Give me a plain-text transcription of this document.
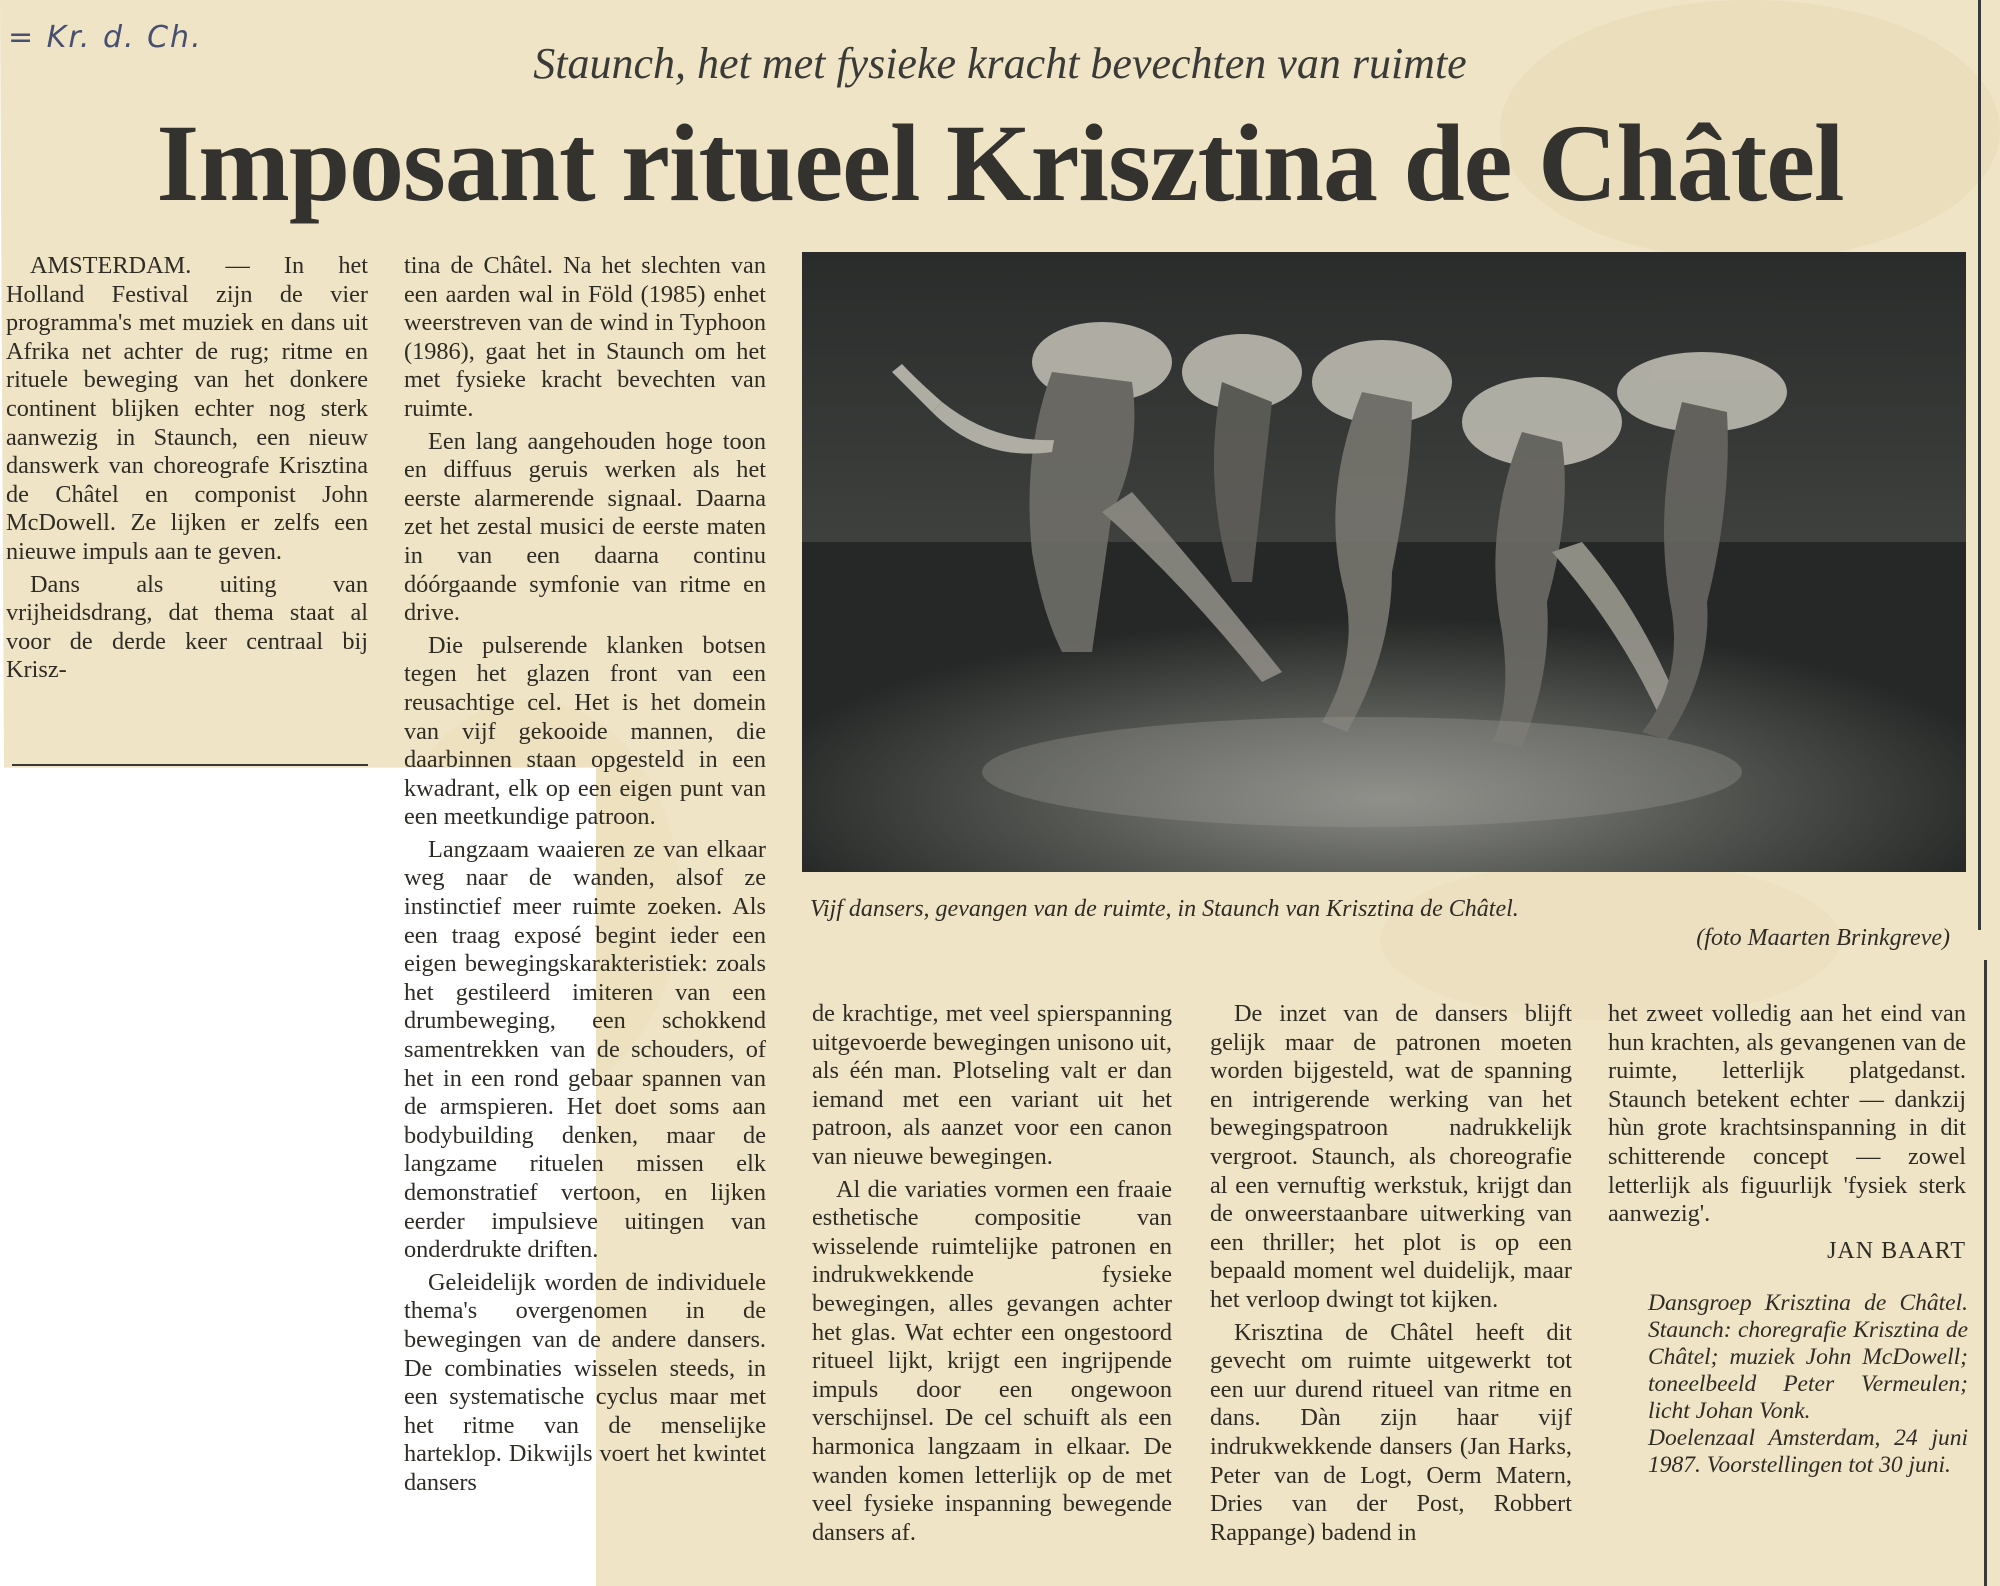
= Kr. d. Ch.
Staunch, het met fysieke kracht bevechten van ruimte
Imposant ritueel Krisztina de Châtel

AMSTERDAM. — In het Holland Festival zijn de vier programma's met muziek en dans uit Afrika net achter de rug; ritme en rituele beweging van het donkere continent blijken echter nog sterk aanwezig in Staunch, een nieuw danswerk van choreografe Krisztina de Châtel en componist John McDowell. Ze lijken er zelfs een nieuwe impuls aan te geven.

Dans als uiting van vrijheidsdrang, dat thema staat al voor de derde keer centraal bij Krisz-

tina de Châtel. Na het slechten van een aarden wal in Föld (1985) enhet weerstreven van de wind in Typhoon (1986), gaat het in Staunch om het met fysieke kracht bevechten van ruimte.

Een lang aangehouden hoge toon en diffuus geruis werken als het eerste alarmerende signaal. Daarna zet het zestal musici de eerste maten in van een daarna continu dóórgaande symfonie van ritme en drive.

Die pulserende klanken botsen tegen het glazen front van een reusachtige cel. Het is het domein van vijf gekooide mannen, die daarbinnen staan opgesteld in een kwadrant, elk op een eigen punt van een meetkundige patroon.

Langzaam waaieren ze van elkaar weg naar de wanden, alsof ze instinctief meer ruimte zoeken. Als een traag exposé begint ieder een eigen bewegingskarakteristiek: zoals het gestileerd imiteren van een drumbeweging, een schokkend samentrekken van de schouders, of het in een rond gebaar spannen van de armspieren. Het doet soms aan bodybuilding denken, maar de langzame rituelen missen elk demonstratief vertoon, en lijken eerder impulsieve uitingen van onderdrukte driften.

Geleidelijk worden de individuele thema's overgenomen in de bewegingen van de andere dansers. De combinaties wisselen steeds, in een systematische cyclus maar met het ritme van de menselijke harteklop. Dikwijls voert het kwintet dansers

Vijf dansers, gevangen van de ruimte, in Staunch van Krisztina de Châtel.
(foto Maarten Brinkgreve)

de krachtige, met veel spierspanning uitgevoerde bewegingen unisono uit, als één man. Plotseling valt er dan iemand met een variant uit het patroon, als aanzet voor een canon van nieuwe bewegingen.

Al die variaties vormen een fraaie esthetische compositie van wisselende ruimtelijke patronen en indrukwekkende fysieke bewegingen, alles gevangen achter het glas. Wat echter een ongestoord ritueel lijkt, krijgt een ingrijpende impuls door een ongewoon verschijnsel. De cel schuift als een harmonica langzaam in elkaar. De wanden komen letterlijk op de met veel fysieke inspanning bewegende dansers af.

De inzet van de dansers blijft gelijk maar de patronen moeten worden bijgesteld, wat de spanning en intrigerende werking van het bewegingspatroon nadrukkelijk vergroot. Staunch, als choreografie al een vernuftig werkstuk, krijgt dan de onweerstaanbare uitwerking van een thriller; het plot is op een bepaald moment wel duidelijk, maar het verloop dwingt tot kijken.

Krisztina de Châtel heeft dit gevecht om ruimte uitgewerkt tot een uur durend ritueel van ritme en dans. Dàn zijn haar vijf indrukwekkende dansers (Jan Harks, Peter van de Logt, Oerm Matern, Dries van der Post, Robbert Rappange) badend in

het zweet volledig aan het eind van hun krachten, als gevangenen van de ruimte, letterlijk platgedanst. Staunch betekent echter — dankzij hùn grote krachtsinspanning in dit schitterende concept — zowel letterlijk als figuurlijk 'fysiek sterk aanwezig'.

JAN BAART

Dansgroep Krisztina de Châtel. Staunch: choregrafie Krisztina de Châtel; muziek John McDowell; toneelbeeld Peter Vermeulen; licht Johan Vonk.

Doelenzaal Amsterdam, 24 juni 1987. Voorstellingen tot 30 juni.
